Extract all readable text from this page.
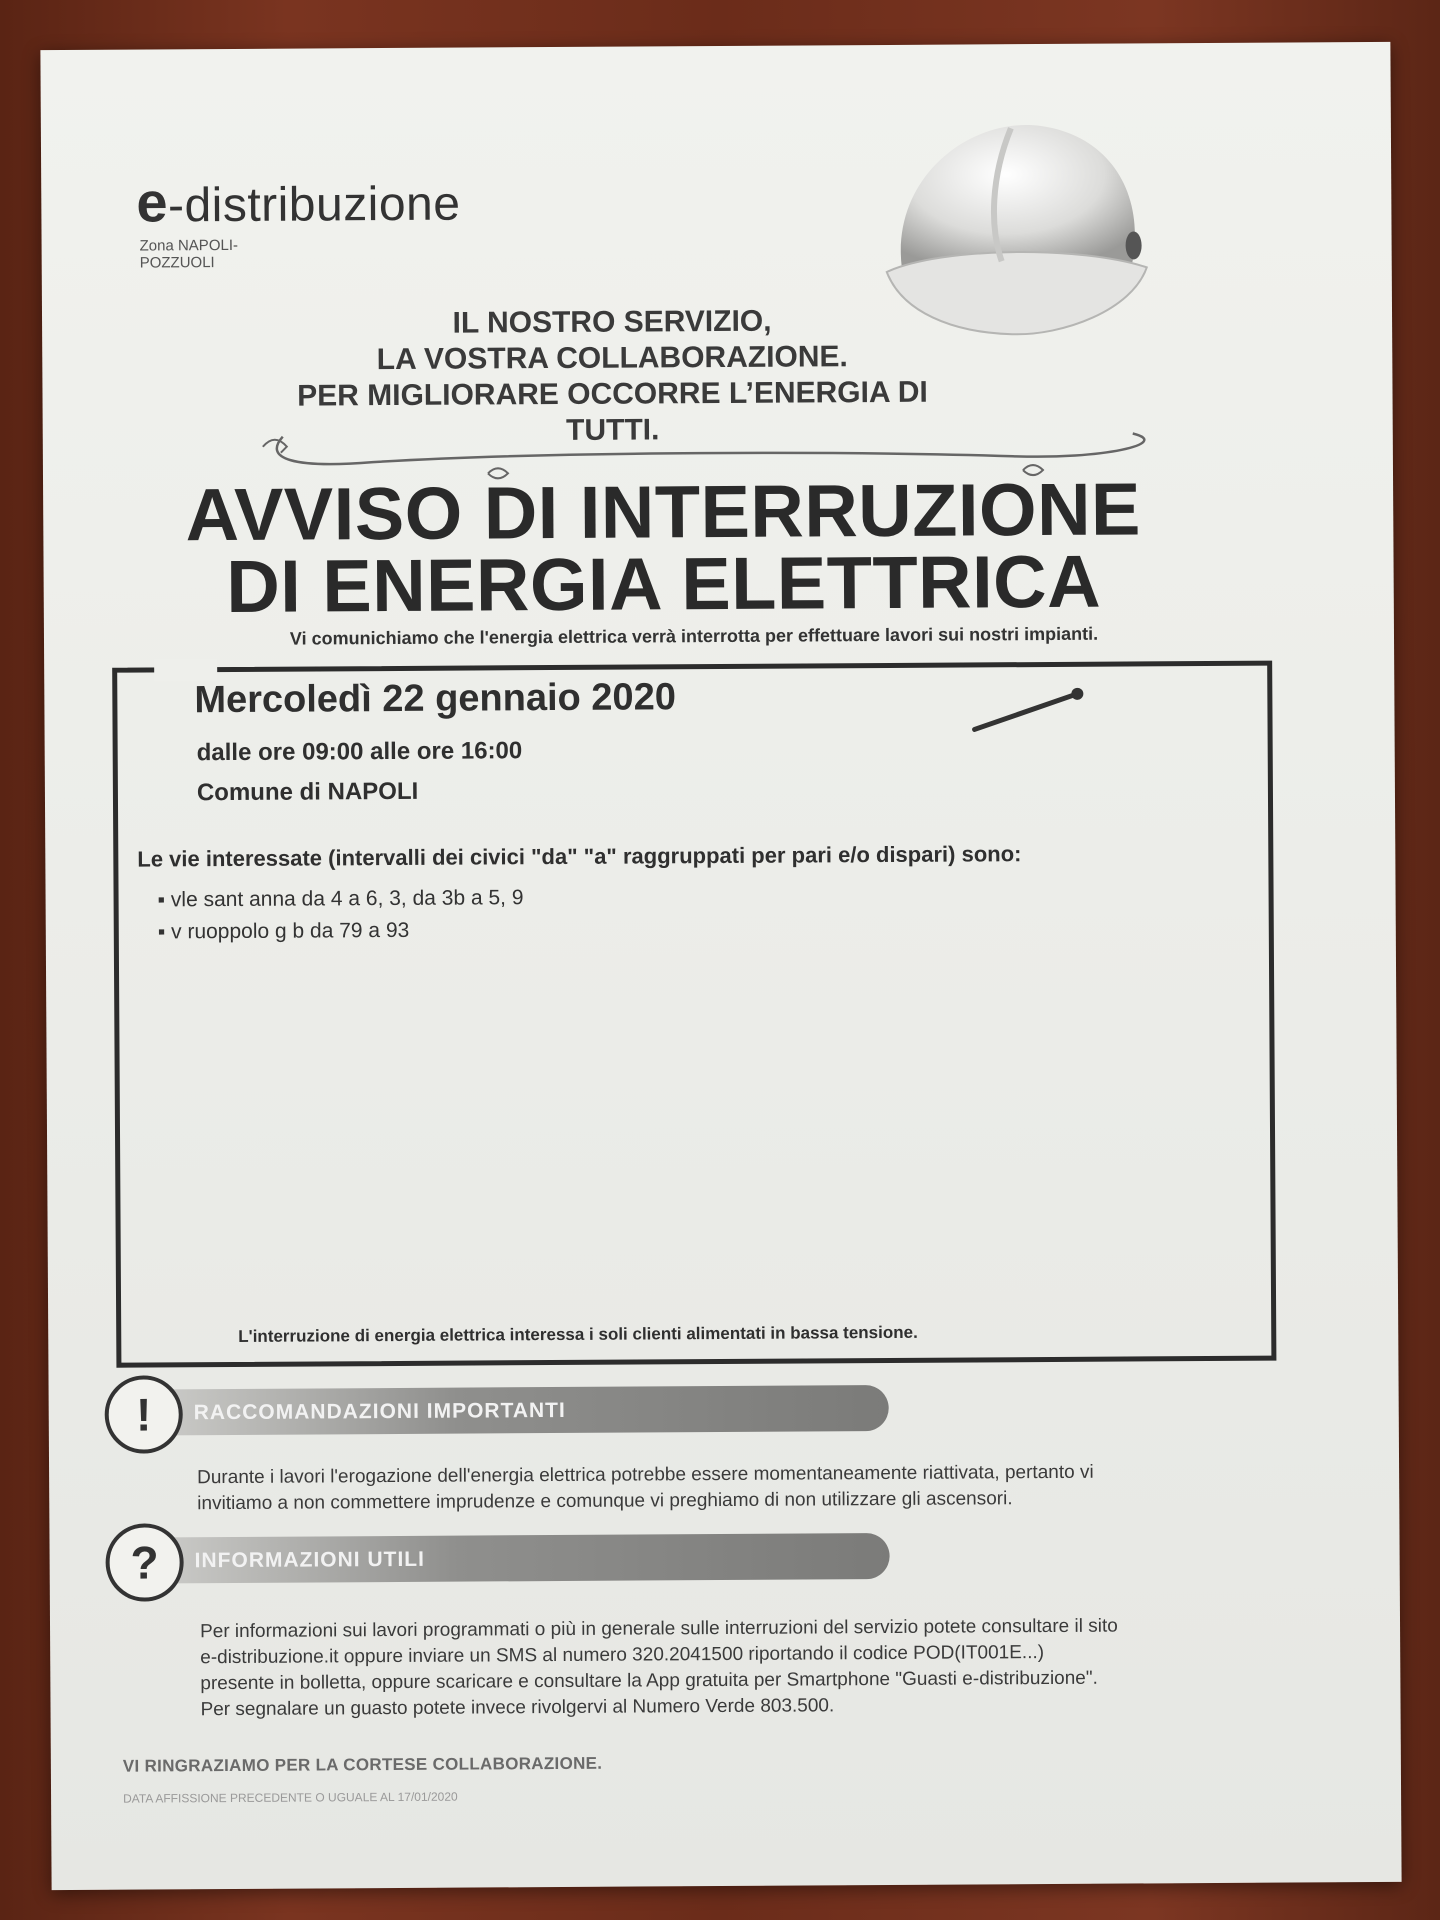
e-distribuzione
Zona NAPOLI-
POZZUOLI
IL NOSTRO SERVIZIO,
LA VOSTRA COLLABORAZIONE.
PER MIGLIORARE OCCORRE L’ENERGIA DI TUTTI.
AVVISO DI INTERRUZIONE
DI ENERGIA ELETTRICA
Vi comunichiamo che l'energia elettrica verrà interrotta per effettuare lavori sui nostri impianti.
Mercoledì 22 gennaio 2020
dalle ore 09:00 alle ore 16:00
Comune di NAPOLI
Le vie interessate (intervalli dei civici "da" "a" raggruppati per pari e/o dispari) sono:
▪ vle sant anna da 4 a 6, 3, da 3b a 5, 9
▪ v ruoppolo g b da 79 a 93
L'interruzione di energia elettrica interessa i soli clienti alimentati in bassa tensione.
RACCOMANDAZIONI IMPORTANTI
!
Durante i lavori l'erogazione dell'energia elettrica potrebbe essere momentaneamente riattivata, pertanto vi
invitiamo a non commettere imprudenze e comunque vi preghiamo di non utilizzare gli ascensori.
INFORMAZIONI UTILI
?
Per informazioni sui lavori programmati o più in generale sulle interruzioni del servizio potete consultare il sito
e-distribuzione.it oppure inviare un SMS al numero 320.2041500 riportando il codice POD(IT001E...)
presente in bolletta, oppure scaricare e consultare la App gratuita per Smartphone "Guasti e-distribuzione".
Per segnalare un guasto potete invece rivolgervi al Numero Verde 803.500.
VI RINGRAZIAMO PER LA CORTESE COLLABORAZIONE.
DATA AFFISSIONE PRECEDENTE O UGUALE AL 17/01/2020
